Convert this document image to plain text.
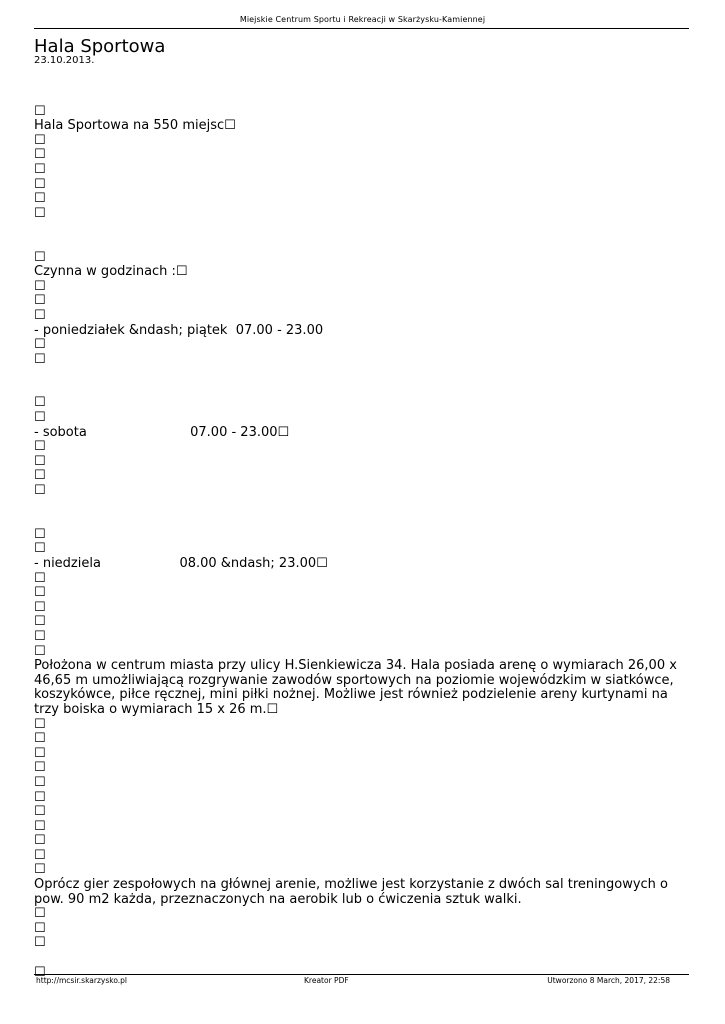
Miejskie Centrum Sportu i Rekreacji w Skarżysku-Kamiennej
Hala Sportowa
23.10.2013.
☐
Hala Sportowa na 550 miejsc☐
☐
☐
☐
☐
☐
☐
☐
Czynna w godzinach :☐
☐
☐
☐
- poniedziałek &ndash; piątek  07.00 - 23.00
☐
☐
☐
☐
- sobota                         07.00 - 23.00☐
☐
☐
☐
☐
☐
☐
- niedziela                   08.00 &ndash; 23.00☐
☐
☐
☐
☐
☐
☐
Położona w centrum miasta przy ulicy H.Sienkiewicza 34. Hala posiada arenę o wymiarach 26,00 x 46,65 m umożliwiającą rozgrywanie zawodów sportowych na poziomie wojewódzkim w siatkówce, koszykówce, piłce ręcznej, mini piłki nożnej. Możliwe jest również podzielenie areny kurtynami na trzy boiska o wymiarach 15 x 26 m.☐
☐
☐
☐
☐
☐
☐
☐
☐
☐
☐
☐
Oprócz gier zespołowych na głównej arenie, możliwe jest korzystanie z dwóch sal treningowych o pow. 90 m2 każda, przeznaczonych na aerobik lub o ćwiczenia sztuk walki.
☐
☐
☐
☐
http://mcsir.skarzysko.pl	Kreator PDF	Utworzono 8 March, 2017, 22:58
